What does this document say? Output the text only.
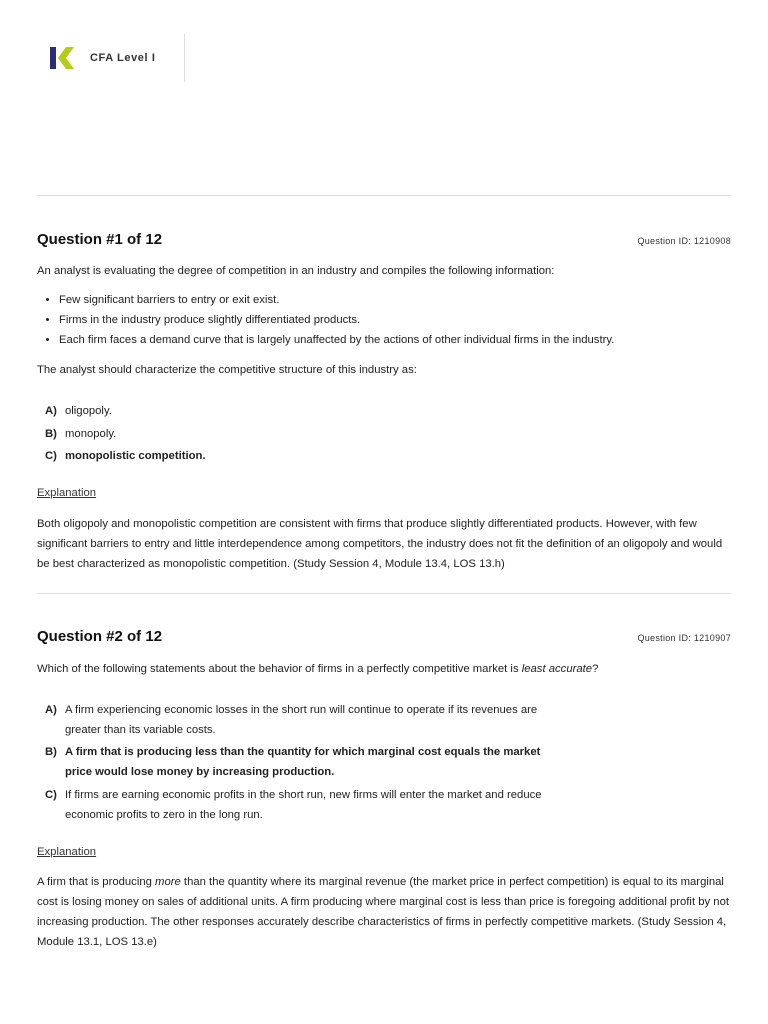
CFA Level I
Question #1 of 12	Question ID: 1210908
An analyst is evaluating the degree of competition in an industry and compiles the following information:
• Few significant barriers to entry or exit exist.
• Firms in the industry produce slightly differentiated products.
• Each firm faces a demand curve that is largely unaffected by the actions of other individual firms in the industry.
The analyst should characterize the competitive structure of this industry as:
A) oligopoly.
B) monopoly.
C) monopolistic competition.
Explanation
Both oligopoly and monopolistic competition are consistent with firms that produce slightly differentiated products. However, with few significant barriers to entry and little interdependence among competitors, the industry does not fit the definition of an oligopoly and would be best characterized as monopolistic competition. (Study Session 4, Module 13.4, LOS 13.h)
Question #2 of 12	Question ID: 1210907
Which of the following statements about the behavior of firms in a perfectly competitive market is least accurate?
A) A firm experiencing economic losses in the short run will continue to operate if its revenues are greater than its variable costs.
B) A firm that is producing less than the quantity for which marginal cost equals the market price would lose money by increasing production.
C) If firms are earning economic profits in the short run, new firms will enter the market and reduce economic profits to zero in the long run.
Explanation
A firm that is producing more than the quantity where its marginal revenue (the market price in perfect competition) is equal to its marginal cost is losing money on sales of additional units. A firm producing where marginal cost is less than price is foregoing additional profit by not increasing production. The other responses accurately describe characteristics of firms in perfectly competitive markets. (Study Session 4, Module 13.1, LOS 13.e)
